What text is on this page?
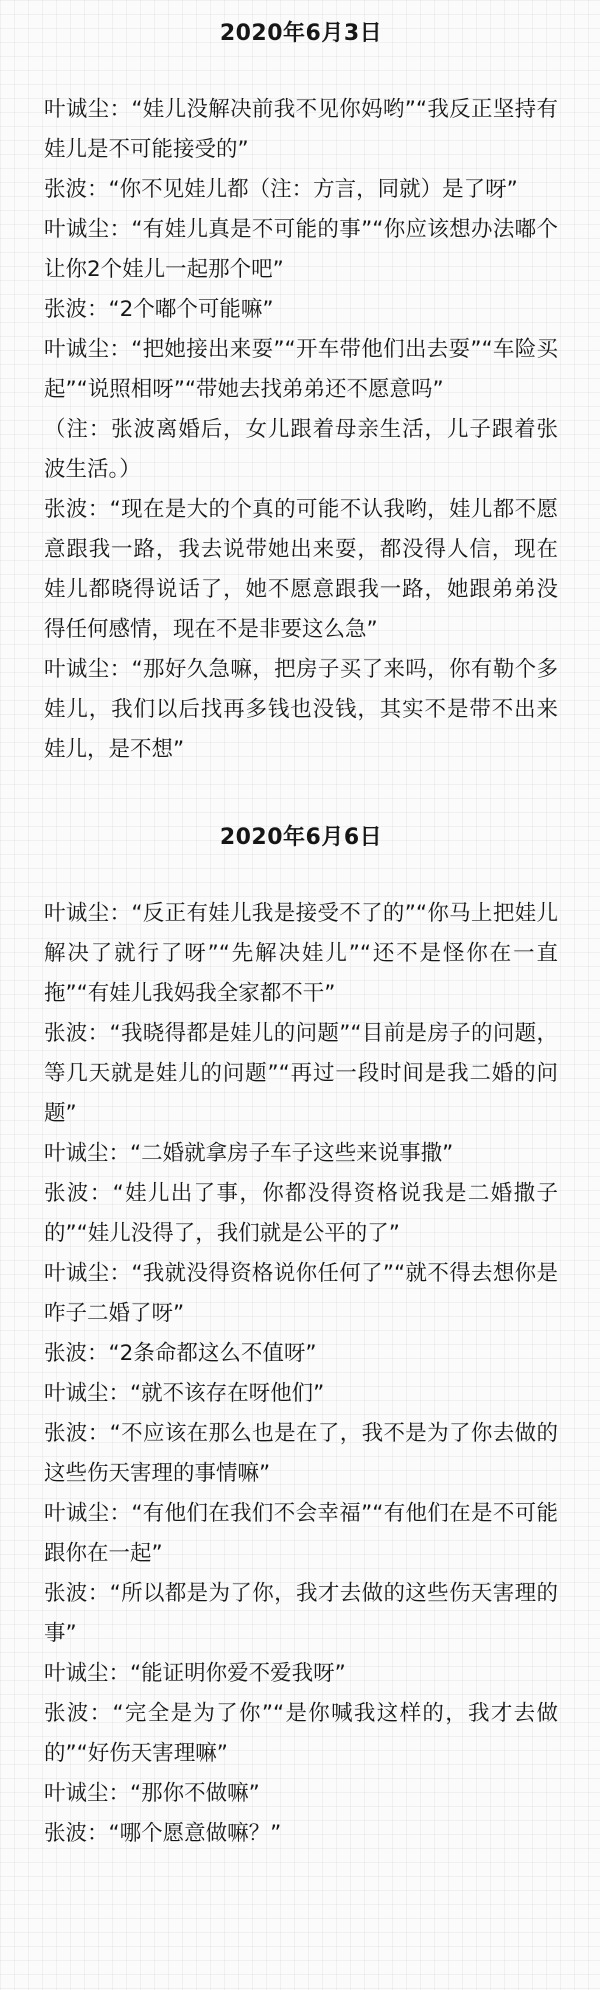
2020年6月3日

叶诚尘：“娃儿没解决前我不见你妈哟”“我反正坚持有娃儿是不可能接受的”

张波：“你不见娃儿都（注：方言，同就）是了呀”

叶诚尘：“有娃儿真是不可能的事”“你应该想办法嘟个让你2个娃儿一起那个吧”

张波：“2个嘟个可能嘛”

叶诚尘：“把她接出来耍”“开车带他们出去耍”“车险买起”“说照相呀”“带她去找弟弟还不愿意吗”

（注：张波离婚后，女儿跟着母亲生活，儿子跟着张波生活。）

张波：“现在是大的个真的可能不认我哟，娃儿都不愿意跟我一路，我去说带她出来耍，都没得人信，现在娃儿都晓得说话了，她不愿意跟我一路，她跟弟弟没得任何感情，现在不是非要这么急”

叶诚尘：“那好久急嘛，把房子买了来吗，你有勒个多娃儿，我们以后找再多钱也没钱，其实不是带不出来娃儿，是不想”

2020年6月6日

叶诚尘：“反正有娃儿我是接受不了的”“你马上把娃儿解决了就行了呀”“先解决娃儿”“还不是怪你在一直拖”“有娃儿我妈我全家都不干”

张波：“我晓得都是娃儿的问题”“目前是房子的问题，等几天就是娃儿的问题”“再过一段时间是我二婚的问题”

叶诚尘：“二婚就拿房子车子这些来说事撒”

张波：“娃儿出了事，你都没得资格说我是二婚撒子的”“娃儿没得了，我们就是公平的了”

叶诚尘：“我就没得资格说你任何了”“就不得去想你是咋子二婚了呀”

张波：“2条命都这么不值呀”

叶诚尘：“就不该存在呀他们”

张波：“不应该在那么也是在了，我不是为了你去做的这些伤天害理的事情嘛”

叶诚尘：“有他们在我们不会幸福”“有他们在是不可能跟你在一起”

张波：“所以都是为了你，我才去做的这些伤天害理的事”

叶诚尘：“能证明你爱不爱我呀”

张波：“完全是为了你”“是你喊我这样的，我才去做的”“好伤天害理嘛”

叶诚尘：“那你不做嘛”

张波：“哪个愿意做嘛？”
